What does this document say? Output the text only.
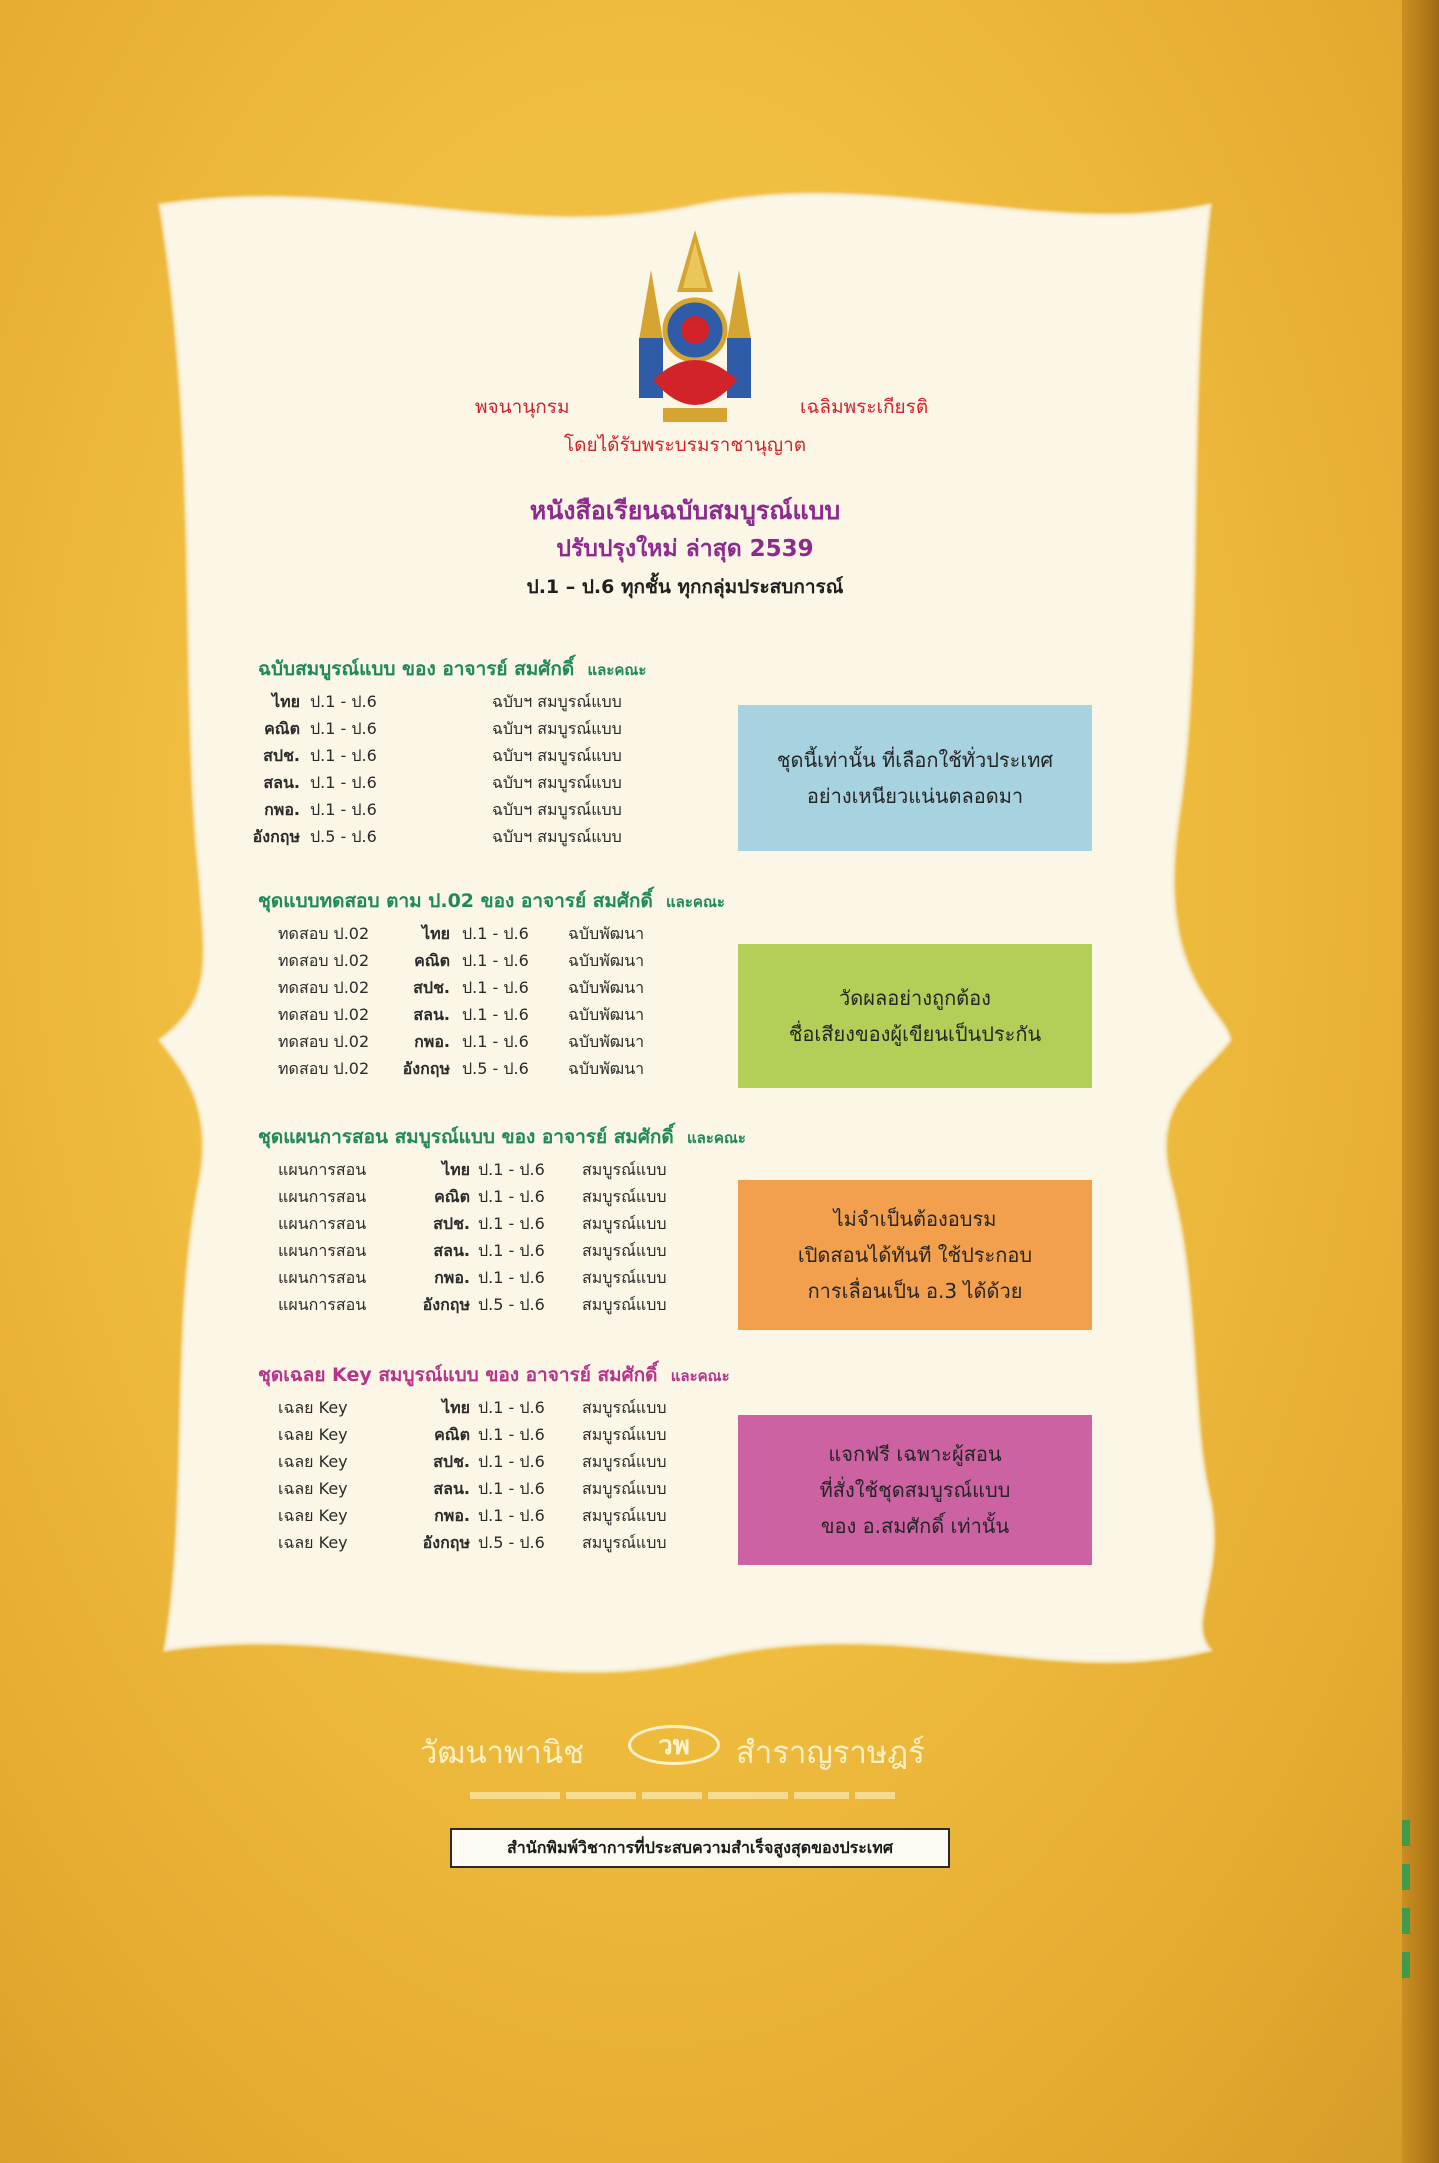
พจนานุกรม	เฉลิมพระเกียรติ
โดยได้รับพระบรมราชานุญาต
หนังสือเรียนฉบับสมบูรณ์แบบ
ปรับปรุงใหม่ ล่าสุด 2539
ป.1 – ป.6 ทุกชั้น ทุกกลุ่มประสบการณ์
ฉบับสมบูรณ์แบบ ของ อาจารย์ สมศักดิ์ และคณะ
ไทย ป.1 - ป.6	ฉบับฯ สมบูรณ์แบบ
คณิต ป.1 - ป.6	ฉบับฯ สมบูรณ์แบบ
สปช. ป.1 - ป.6	ฉบับฯ สมบูรณ์แบบ
สลน. ป.1 - ป.6	ฉบับฯ สมบูรณ์แบบ
กพอ. ป.1 - ป.6	ฉบับฯ สมบูรณ์แบบ
อังกฤษ ป.5 - ป.6	ฉบับฯ สมบูรณ์แบบ
ชุดนี้เท่านั้น ที่เลือกใช้ทั่วประเทศ
อย่างเหนียวแน่นตลอดมา
ชุดแบบทดสอบ ตาม ป.02 ของ อาจารย์ สมศักดิ์ และคณะ
ทดสอบ ป.02	ไทย ป.1 - ป.6 ฉบับพัฒนา
ทดสอบ ป.02	คณิต ป.1 - ป.6 ฉบับพัฒนา
ทดสอบ ป.02	สปช. ป.1 - ป.6 ฉบับพัฒนา
ทดสอบ ป.02	สลน. ป.1 - ป.6 ฉบับพัฒนา
ทดสอบ ป.02	กพอ. ป.1 - ป.6 ฉบับพัฒนา
ทดสอบ ป.02	อังกฤษ ป.5 - ป.6 ฉบับพัฒนา
วัดผลอย่างถูกต้อง
ชื่อเสียงของผู้เขียนเป็นประกัน
ชุดแผนการสอน สมบูรณ์แบบ ของ อาจารย์ สมศักดิ์ และคณะ
แผนการสอน	ไทย ป.1 - ป.6 สมบูรณ์แบบ
แผนการสอน	คณิต ป.1 - ป.6 สมบูรณ์แบบ
แผนการสอน	สปช. ป.1 - ป.6 สมบูรณ์แบบ
แผนการสอน	สลน. ป.1 - ป.6 สมบูรณ์แบบ
แผนการสอน	กพอ. ป.1 - ป.6 สมบูรณ์แบบ
แผนการสอน	อังกฤษ ป.5 - ป.6 สมบูรณ์แบบ
ไม่จำเป็นต้องอบรม
เปิดสอนได้ทันที ใช้ประกอบ
การเลื่อนเป็น อ.3 ได้ด้วย
ชุดเฉลย Key สมบูรณ์แบบ ของ อาจารย์ สมศักดิ์ และคณะ
เฉลย Key	ไทย ป.1 - ป.6 สมบูรณ์แบบ
เฉลย Key	คณิต ป.1 - ป.6 สมบูรณ์แบบ
เฉลย Key	สปช. ป.1 - ป.6 สมบูรณ์แบบ
เฉลย Key	สลน. ป.1 - ป.6 สมบูรณ์แบบ
เฉลย Key	กพอ. ป.1 - ป.6 สมบูรณ์แบบ
เฉลย Key	อังกฤษ ป.5 - ป.6 สมบูรณ์แบบ
แจกฟรี เฉพาะผู้สอน
ที่สั่งใช้ชุดสมบูรณ์แบบ
ของ อ.สมศักดิ์ เท่านั้น
วัฒนาพานิช	วพ	สำราญราษฎร์
สำนักพิมพ์วิชาการที่ประสบความสำเร็จสูงสุดของประเทศ
